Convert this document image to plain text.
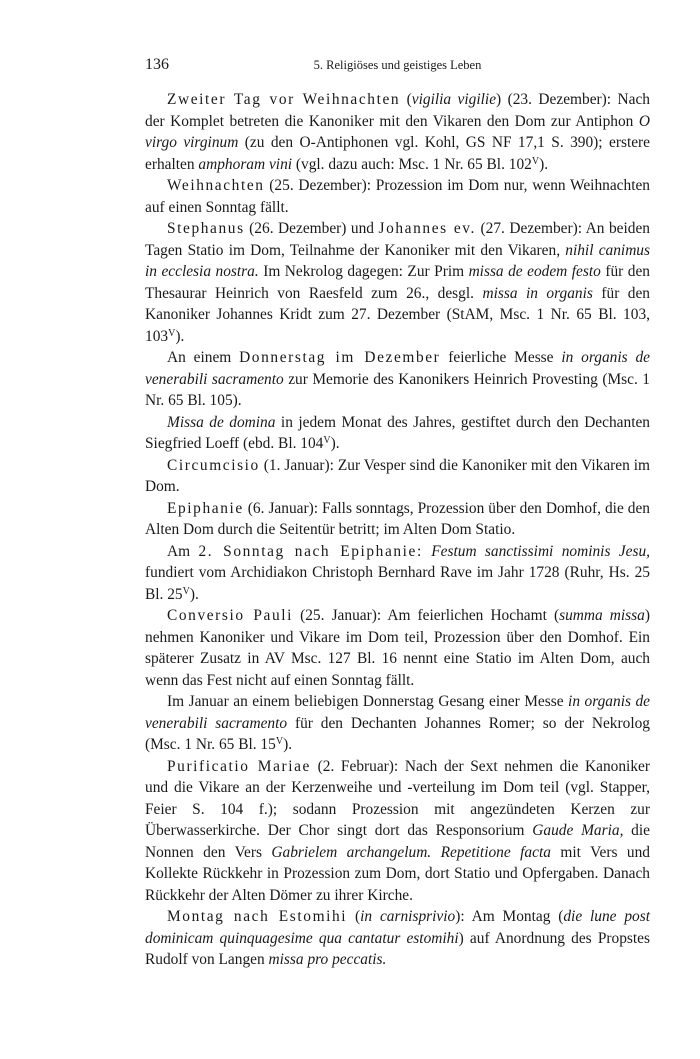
136	5. Religiöses und geistiges Leben

Zweiter Tag vor Weihnachten (vigilia vigilie) (23. Dezember): Nach der Komplet betreten die Kanoniker mit den Vikaren den Dom zur Antiphon O virgo virginum (zu den O-Antiphonen vgl. Kohl, GS NF 17,1 S. 390); erstere erhalten amphoram vini (vgl. dazu auch: Msc. 1 Nr. 65 Bl. $102^V$).

Weihnachten (25. Dezember): Prozession im Dom nur, wenn Weihnachten auf einen Sonntag fällt.

Stephanus (26. Dezember) und Johannes ev. (27. Dezember): An beiden Tagen Statio im Dom, Teilnahme der Kanoniker mit den Vikaren, nihil canimus in ecclesia nostra. Im Nekrolog dagegen: Zur Prim missa de eodem festo für den Thesaurar Heinrich von Raesfeld zum 26., desgl. missa in organis für den Kanoniker Johannes Kridt zum 27. Dezember (StAM, Msc. 1 Nr. 65 Bl. 103, $103^V$).

An einem Donnerstag im Dezember feierliche Messe in organis de venerabili sacramento zur Memorie des Kanonikers Heinrich Provesting (Msc. 1 Nr. 65 Bl. 105).

Missa de domina in jedem Monat des Jahres, gestiftet durch den Dechanten Siegfried Loeff (ebd. Bl. $104^V$).

Circumcisio (1. Januar): Zur Vesper sind die Kanoniker mit den Vikaren im Dom.

Epiphanie (6. Januar): Falls sonntags, Prozession über den Domhof, die den Alten Dom durch die Seitentür betritt; im Alten Dom Statio.

Am 2. Sonntag nach Epiphanie: Festum sanctissimi nominis Jesu, fundiert vom Archidiakon Christoph Bernhard Rave im Jahr 1728 (Ruhr, Hs. 25 Bl. $25^V$).

Conversio Pauli (25. Januar): Am feierlichen Hochamt (summa missa) nehmen Kanoniker und Vikare im Dom teil, Prozession über den Domhof. Ein späterer Zusatz in AV Msc. 127 Bl. 16 nennt eine Statio im Alten Dom, auch wenn das Fest nicht auf einen Sonntag fällt.

Im Januar an einem beliebigen Donnerstag Gesang einer Messe in organis de venerabili sacramento für den Dechanten Johannes Romer; so der Nekrolog (Msc. 1 Nr. 65 Bl. $15^V$).

Purificatio Mariae (2. Februar): Nach der Sext nehmen die Kanoniker und die Vikare an der Kerzenweihe und -verteilung im Dom teil (vgl. Stapper, Feier S. 104 f.); sodann Prozession mit angezündeten Kerzen zur Überwasserkirche. Der Chor singt dort das Responsorium Gaude Maria, die Nonnen den Vers Gabrielem archangelum. Repetitione facta mit Vers und Kollekte Rückkehr in Prozession zum Dom, dort Statio und Opfergaben. Danach Rückkehr der Alten Dömer zu ihrer Kirche.

Montag nach Estomihi (in carnisprivio): Am Montag (die lune post dominicam quinquagesime qua cantatur estomihi) auf Anordnung des Propstes Rudolf von Langen missa pro peccatis.
